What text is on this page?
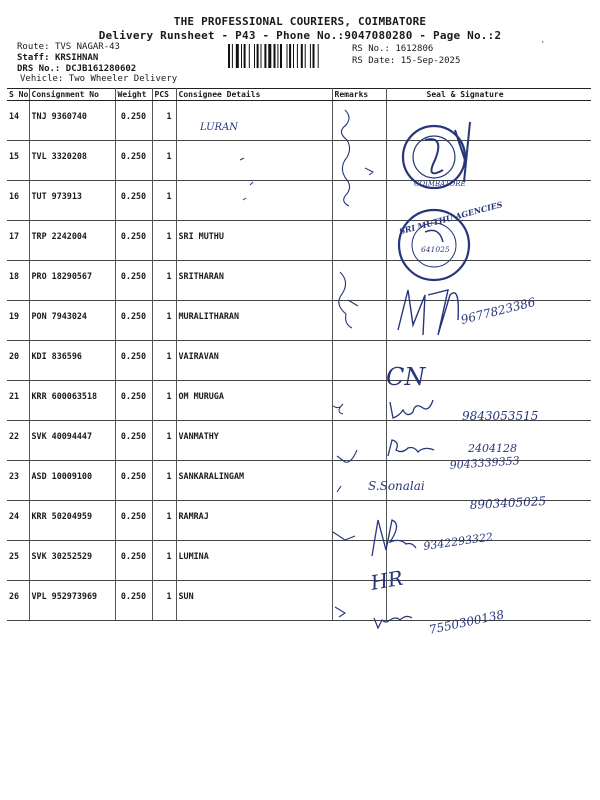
THE PROFESSIONAL COURIERS, COIMBATORE
Delivery Runsheet - P43 - Phone No.:9047080280 - Page No.:2
Route: TVS NAGAR-43
Staff: KRSIHNAN
DRS No.: DCJB161280602
Vehicle: Two Wheeler Delivery
RS No.: 1612806
RS Date: 15-Sep-2025
·
S No	Consignment No	Weight	PCS	Consignee Details	Remarks	Seal & Signature
14	TNJ 9360740	0.250	1			
15	TVL 3320208	0.250	1			
16	TUT 973913	0.250	1			
17	TRP 2242004	0.250	1	SRI MUTHU		
18	PRO 18290567	0.250	1	SRITHARAN		
19	PON 7943024	0.250	1	MURALITHARAN		
20	KDI 836596	0.250	1	VAIRAVAN		
21	KRR 600063518	0.250	1	OM MURUGA		
22	SVK 40094447	0.250	1	VANMATHY		
23	ASD 10009100	0.250	1	SANKARALINGAM		
24	KRR 50204959	0.250	1	RAMRAJ		
25	SVK 30252529	0.250	1	LUMINA		
26	VPL 952973969	0.250	1	SUN		
LURAN
COIMBATORE
SRI MUTHU AGENCIES
641025
9677823386
CN
9843053515
2404128
9043339353
S.Sonalai
8903405025
9342293322
HR
7550300138
